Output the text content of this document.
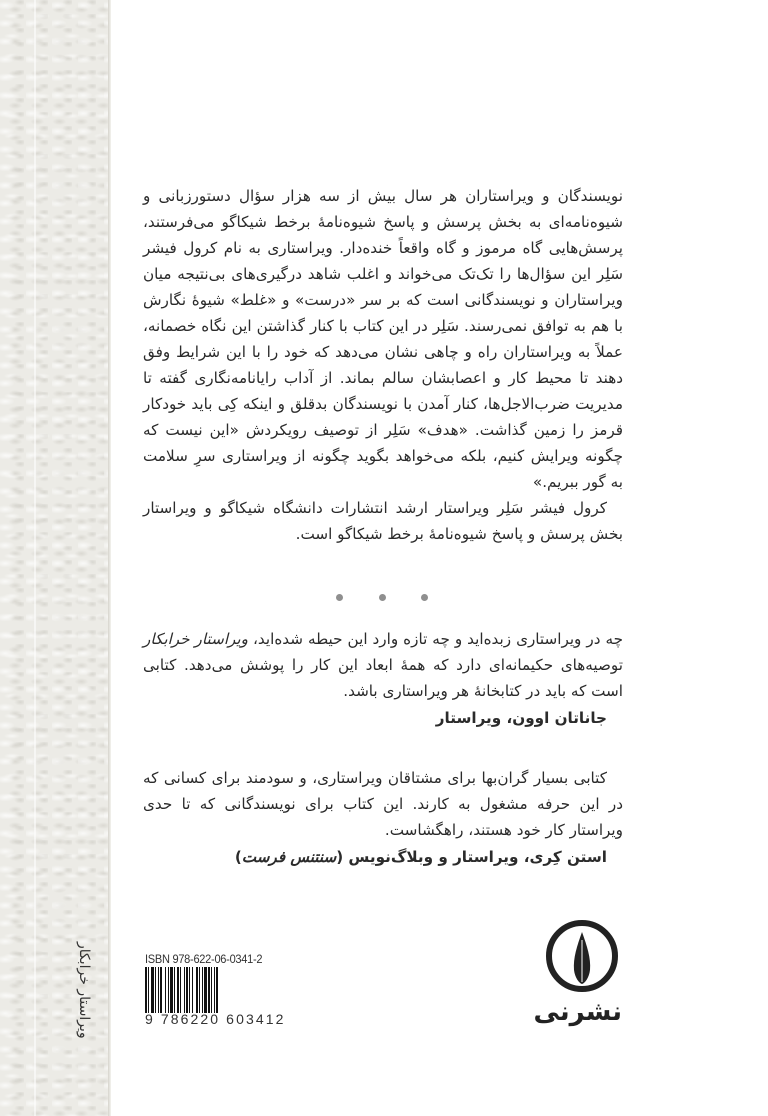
ویراستار خرابکار

نویسندگان و ویراستاران هر سال بیش از سه هزار سؤال دستورزبانی و شیوه‌نامه‌ای به بخش پرسش و پاسخ شیوه‌نامهٔ برخط شیکاگو می‌فرستند، پرسش‌هایی گاه مرموز و گاه واقعاً خنده‌دار. ویراستاری به نام کرول فیشر سَلِر این سؤال‌ها را تک‌تک می‌خواند و اغلب شاهد درگیری‌های بی‌نتیجه میان ویراستاران و نویسندگانی است که بر سر «درست» و «غلط» شیوهٔ نگارش با هم به توافق نمی‌رسند. سَلِر در این کتاب با کنار گذاشتن این نگاه خصمانه، عملاً به ویراستاران راه و چاهی نشان می‌دهد که خود را با این شرایط وفق دهند تا محیط کار و اعصابشان سالم بماند. از آداب رایانامه‌نگاری گفته تا مدیریت ضرب‌الاجل‌ها، کنار آمدن با نویسندگان بدقلق و اینکه کِی باید خودکار قرمز را زمین گذاشت. «هدف» سَلِر از توصیف رویکردش «این نیست که چگونه ویرایش کنیم، بلکه می‌خواهد بگوید چگونه از ویراستاری سرِ سلامت به گور ببریم.»

کرول فیشر سَلِر ویراستار ارشد انتشارات دانشگاه شیکاگو و ویراستار بخش پرسش و پاسخ شیوه‌نامهٔ برخط شیکاگو است.

چه در ویراستاری زبده‌اید و چه تازه وارد این حیطه شده‌اید، ویراستار خرابکار توصیه‌های حکیمانه‌ای دارد که همهٔ ابعاد این کار را پوشش می‌دهد. کتابی است که باید در کتابخانهٔ هر ویراستاری باشد.

جاناتان اوون، ویراستار

کتابی بسیار گران‌بها برای مشتاقان ویراستاری، و سودمند برای کسانی که در این حرفه مشغول به کارند. این کتاب برای نویسندگانی که تا حدی ویراستار کار خود هستند، راهگشاست.

استن کِری، ویراستار و وبلاگ‌نویس (سنتنس فرست)

ISBN 978-622-06-0341-2
9 786220 603412	نشرنی
